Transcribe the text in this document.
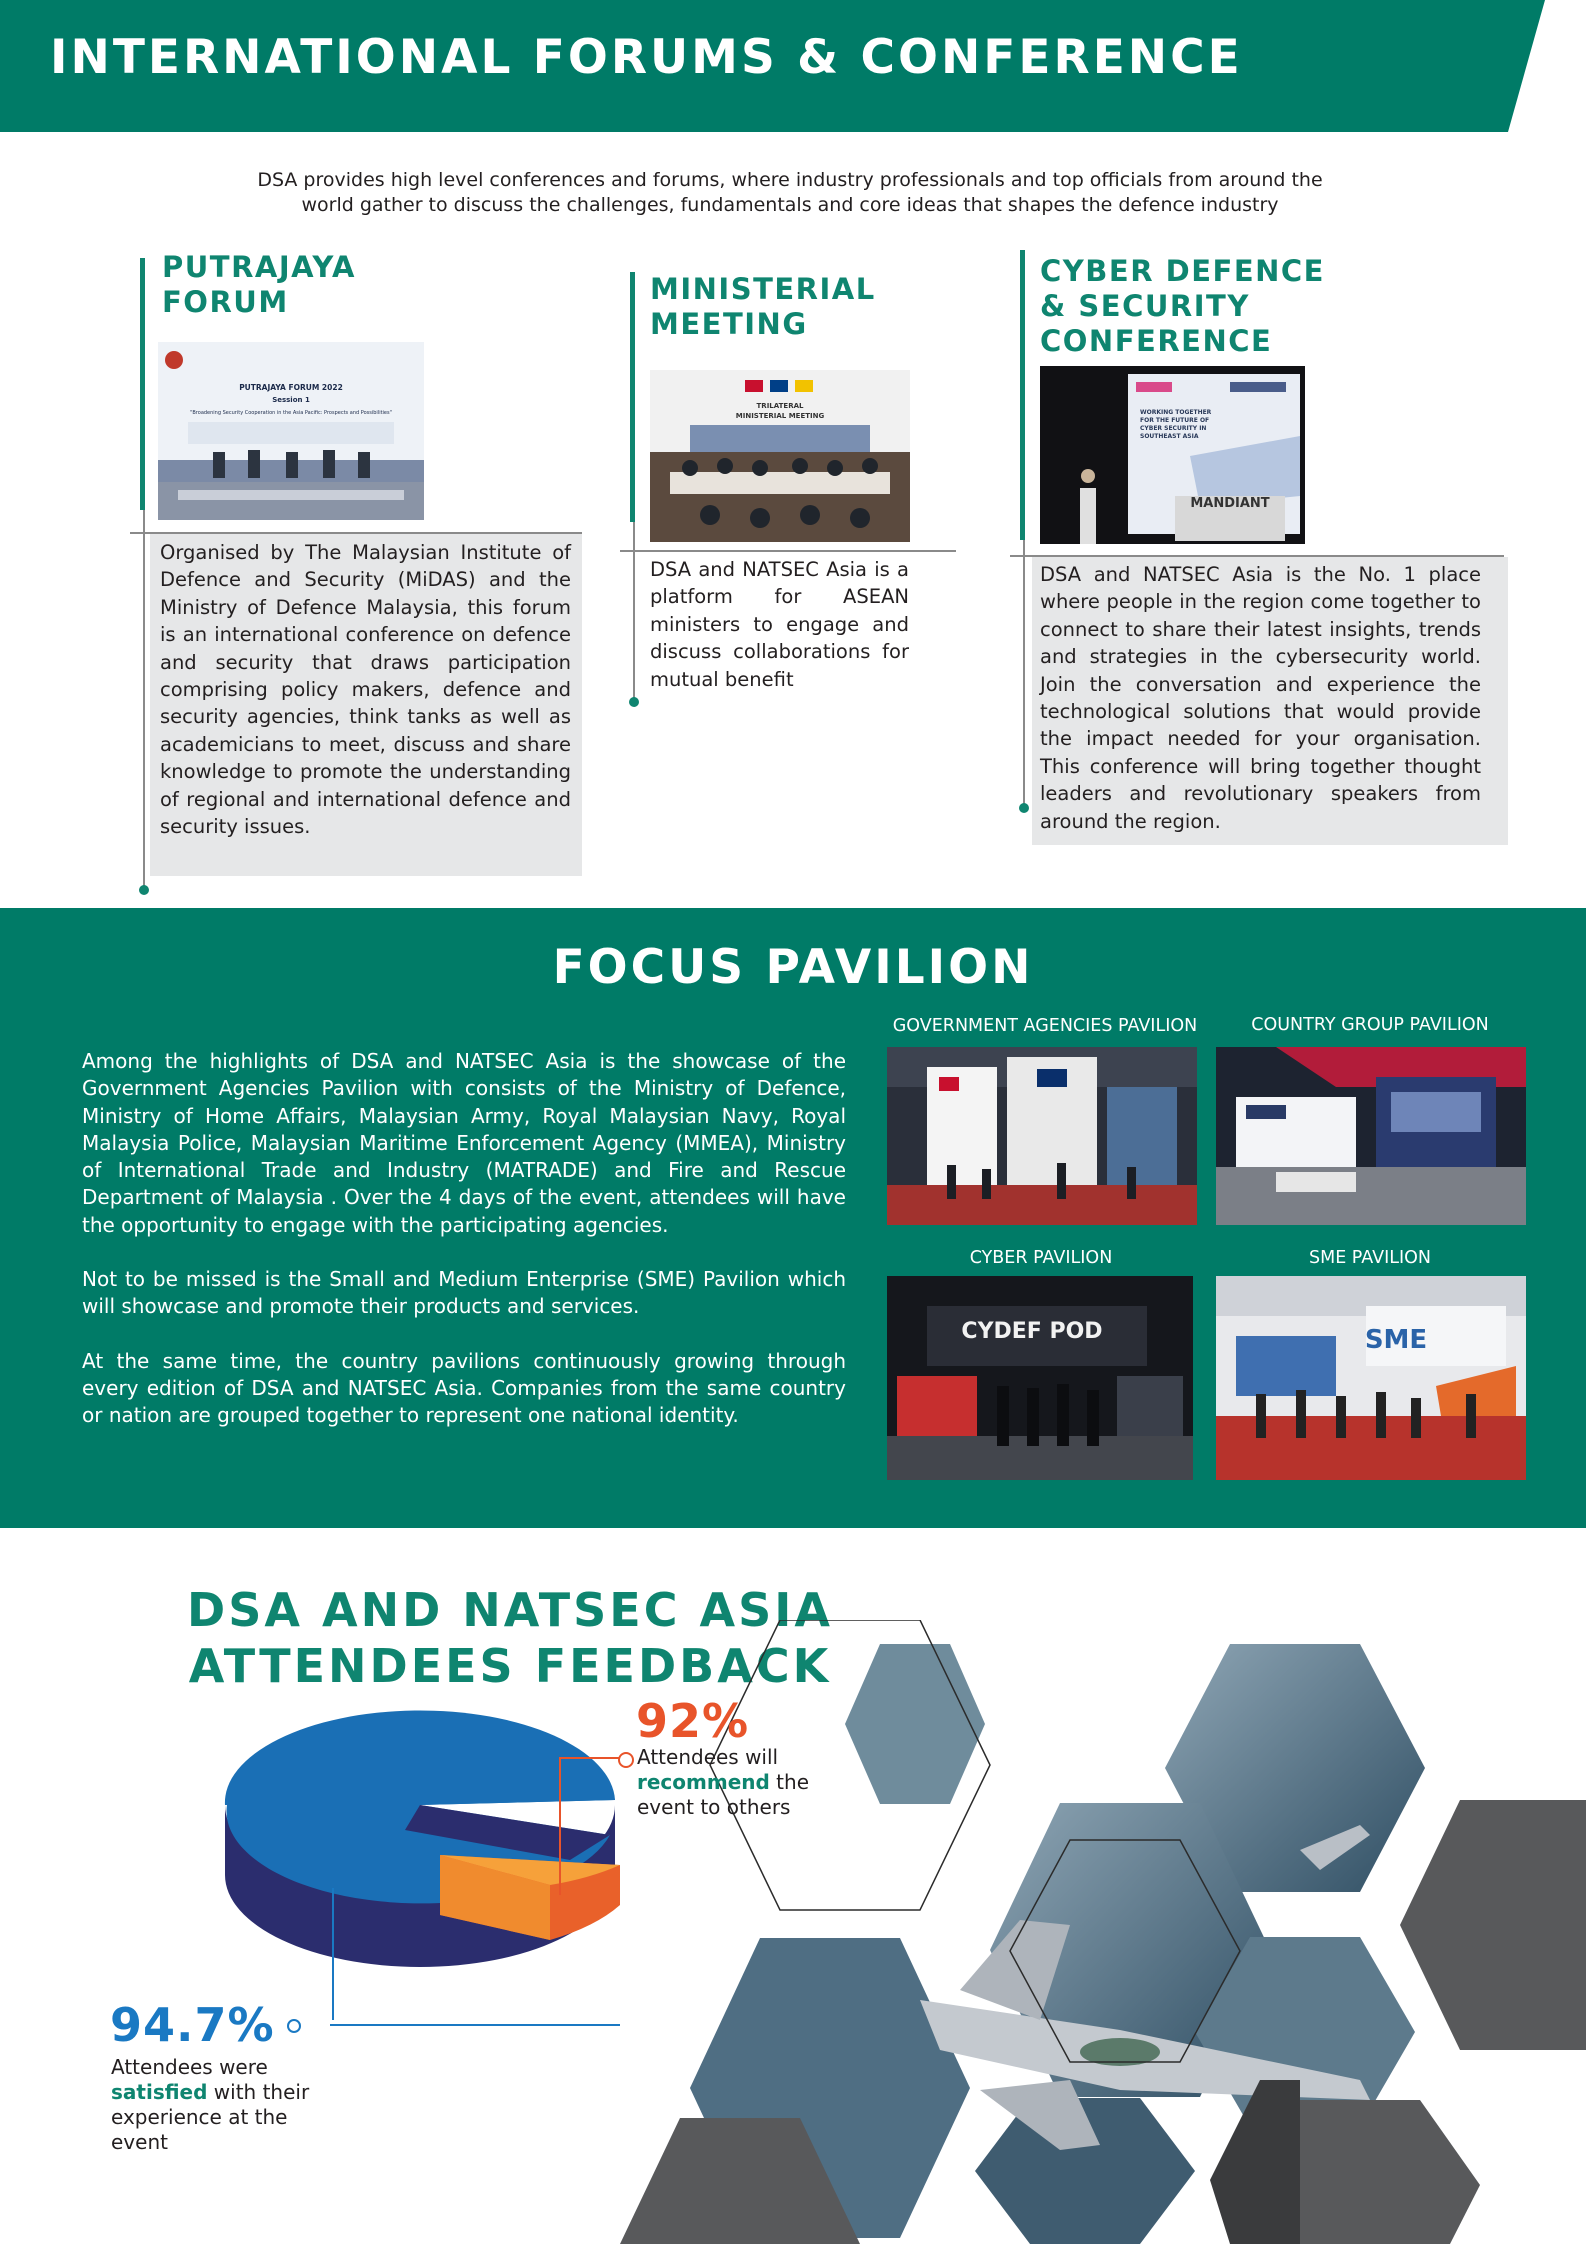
INTERNATIONAL FORUMS & CONFERENCE
DSA provides high level conferences and forums, where industry professionals and top officials from around the world gather to discuss the challenges, fundamentals and core ideas that shapes the defence industry

PUTRAJAYA

FORUM

PUTRAJAYA FORUM 2022
Session 1
"Broadening Security Cooperation in the Asia Pacific: Prospects and Possibilities"
Organised by The Malaysian Institute of Defence and Security (MiDAS) and the Ministry of Defence Malaysia, this forum is an international conference on defence and security that draws participation comprising policy makers, defence and security agencies, think tanks as well as academicians to meet, discuss and share knowledge to promote the understanding of regional and international defence and security issues.

MINISTERIAL

MEETING

TRILATERAL
MINISTERIAL MEETING
DSA and NATSEC Asia is a platform for ASEAN ministers to engage and discuss collaborations for mutual benefit

CYBER DEFENCE

& SECURITY

CONFERENCE

WORKING TOGETHER
FOR THE FUTURE OF
CYBER SECURITY IN
SOUTHEAST ASIA
MANDIANT
DSA and NATSEC Asia is the No. 1 place where people in the region come together to connect to share their latest insights, trends and strategies in the cybersecurity world. Join the conversation and experience the technological solutions that would provide the impact needed for your organisation. This conference will bring together thought leaders and revolutionary speakers from around the region.
FOCUS PAVILION
Among the highlights of DSA and NATSEC Asia is the showcase of the Government Agencies Pavilion with consists of the Ministry of Defence, Ministry of Home Affairs, Malaysian Army, Royal Malaysian Navy, Royal Malaysia Police, Malaysian Maritime Enforcement Agency (MMEA), Ministry of International Trade and Industry (MATRADE) and Fire and Rescue Department of Malaysia . Over the 4 days of the event, attendees will have the opportunity to engage with the participating agencies.
Not to be missed is the Small and Medium Enterprise (SME) Pavilion which will showcase and promote their products and services.
At the same time, the country pavilions continuously growing through every edition of DSA and NATSEC Asia. Companies from the same country or nation are grouped together to represent one national identity.
GOVERNMENT AGENCIES PAVILION	COUNTRY GROUP PAVILION
CYBER PAVILION	SME PAVILION
CYDEF POD	SME
DSA AND NATSEC ASIA
ATTENDEES FEEDBACK
92%
Attendees will
recommend the
event to others
94.7%
Attendees were
satisfied with their
experience at the
event
